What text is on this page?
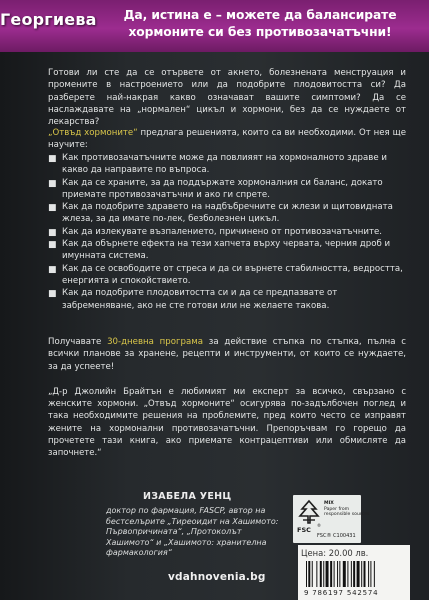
Да, истина е – можете да балансирате
хормоните си без противозачатъчни!
Георгиева
Готови ли сте да се отървете от акнето, болезнената менструация и промените в настроението или да подобрите плодовитостта си? Да разберете най-накрая какво означават вашите симптоми? Да се наслаждавате на „нормален“ цикъл и хормони, без да се нуждаете от лекарства?
„Отвъд хормоните“ предлага решенията, които са ви необходими. От нея ще научите:
■ Как противозачатъчните може да повлияят на хормоналното здраве и какво да направите по въпроса.
■ Как да се храните, за да поддържате хормоналния си баланс, докато приемате противозачатъчни и ако ги спрете.
■ Как да подобрите здравето на надбъбречните си жлези и щитовидната жлеза, за да имате по-лек, безболезнен цикъл.
■ Как да излекувате възпалението, причинено от противозачатъчните.
■ Как да обърнете ефекта на тези хапчета върху червата, черния дроб и имунната система.
■ Как да се освободите от стреса и да си върнете стабилността, ведростта, енергията и спокойствието.
■ Как да подобрите плодовитостта си и да се предпазвате от забременяване, ако не сте готови или не желаете такова.
Получавате 30-дневна програма за действие стъпка по стъпка, пълна с всички планове за хранене, рецепти и инструменти, от които се нуждаете, за да успеете!
„Д-р Джолийн Брайтън е любимият ми експерт за всичко, свързано с женските хормони. „Отвъд хормоните“ осигурява по-задълбочен поглед и така необходимите решения на проблемите, пред които често се изправят жените на хормонални противозачатъчни. Препоръчвам го горещо да прочетете тази книга, ако приемате контрацептиви или обмисляте да започнете.“
ИЗАБЕЛА УЕНЦ
доктор по фармация, FASCP, автор на бестселърите „Тиреоидит на Хашимото: Първопричината“, „Протоколът Хашимото“ и „Хашимото: хранителна фармакология“
FSC
®
MIX
Paper from
responsible sources
FSC® C100431
Цена: 20.00 лв.
9 786197 542574
vdahnovenia.bg
